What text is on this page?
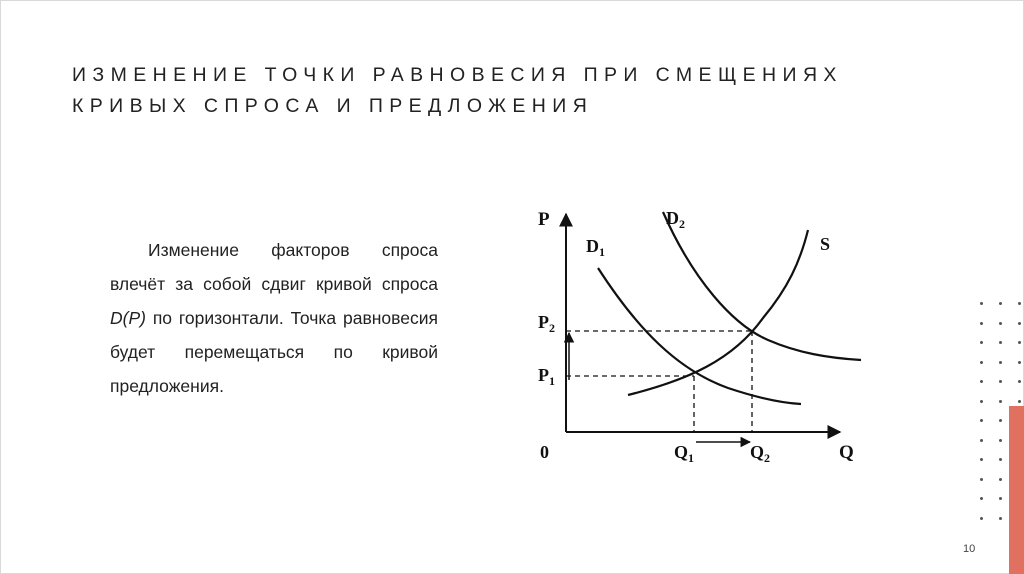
ИЗМЕНЕНИЕ ТОЧКИ РАВНОВЕСИЯ ПРИ СМЕЩЕНИЯХ
КРИВЫХ СПРОСА И ПРЕДЛОЖЕНИЯ
Изменение факторов спроса влечёт за собой сдвиг кривой спроса D(P) по горизонтали. Точка равновесия будет перемещаться по кривой предложения.
P
Q
0
$D_1$
$D_2$
S
$P_2$
$P_1$
$Q_1$	$Q_2$
10
